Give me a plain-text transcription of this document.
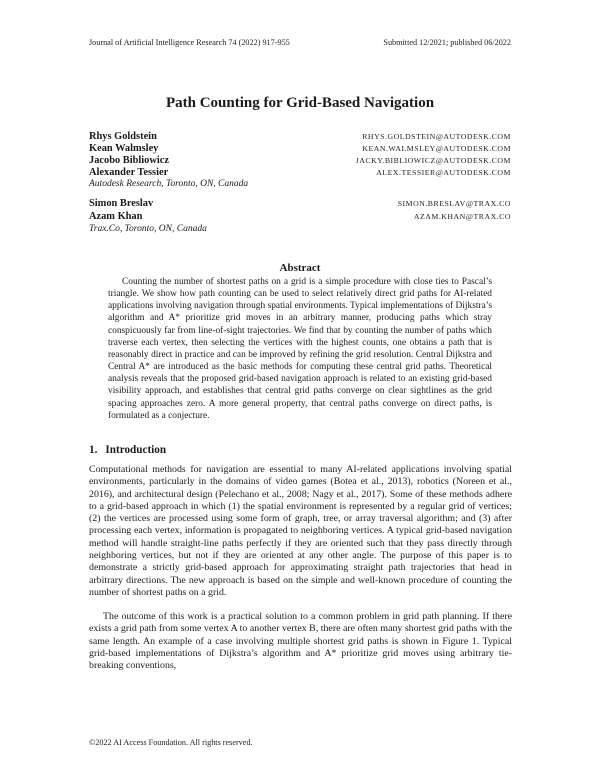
Journal of Artificial Intelligence Research 74 (2022) 917-955	Submitted 12/2021; published 06/2022
Path Counting for Grid-Based Navigation
Rhys Goldstein	RHYS.GOLDSTEIN@AUTODESK.COM
Kean Walmsley	KEAN.WALMSLEY@AUTODESK.COM
Jacobo Bibliowicz	JACKY.BIBLIOWICZ@AUTODESK.COM
Alexander Tessier	ALEX.TESSIER@AUTODESK.COM
Autodesk Research, Toronto, ON, Canada
Simon Breslav	SIMON.BRESLAV@TRAX.CO
Azam Khan	AZAM.KHAN@TRAX.CO
Trax.Co, Toronto, ON, Canada
Abstract
Counting the number of shortest paths on a grid is a simple procedure with close ties to Pascal’s triangle. We show how path counting can be used to select relatively direct grid paths for AI-related applications involving navigation through spatial environments. Typical implementations of Dijkstra’s algorithm and A* prioritize grid moves in an arbitrary manner, producing paths which stray conspicuously far from line-of-sight trajectories. We find that by counting the number of paths which traverse each vertex, then selecting the vertices with the highest counts, one obtains a path that is reasonably direct in practice and can be improved by refining the grid resolution. Central Dijkstra and Central A* are introduced as the basic methods for computing these central grid paths. Theoretical analysis reveals that the proposed grid-based navigation approach is related to an existing grid-based visibility approach, and establishes that central grid paths converge on clear sightlines as the grid spacing approaches zero. A more general property, that central paths converge on direct paths, is formulated as a conjecture.
1. Introduction

Computational methods for navigation are essential to many AI-related applications involving spatial environments, particularly in the domains of video games (Botea et al., 2013), robotics (Noreen et al., 2016), and architectural design (Pelechano et al., 2008; Nagy et al., 2017). Some of these methods adhere to a grid-based approach in which (1) the spatial environment is represented by a regular grid of vertices; (2) the vertices are processed using some form of graph, tree, or array traversal algorithm; and (3) after processing each vertex, information is propagated to neighboring vertices. A typical grid-based navigation method will handle straight-line paths perfectly if they are oriented such that they pass directly through neighboring vertices, but not if they are oriented at any other angle. The purpose of this paper is to demonstrate a strictly grid-based approach for approximating straight path trajectories that head in arbitrary directions. The new approach is based on the simple and well-known procedure of counting the number of shortest paths on a grid.

The outcome of this work is a practical solution to a common problem in grid path planning. If there exists a grid path from some vertex A to another vertex B, there are often many shortest grid paths with the same length. An example of a case involving multiple shortest grid paths is shown in Figure 1. Typical grid-based implementations of Dijkstra’s algorithm and A* prioritize grid moves using arbitrary tie-breaking conventions,

©2022 AI Access Foundation. All rights reserved.
